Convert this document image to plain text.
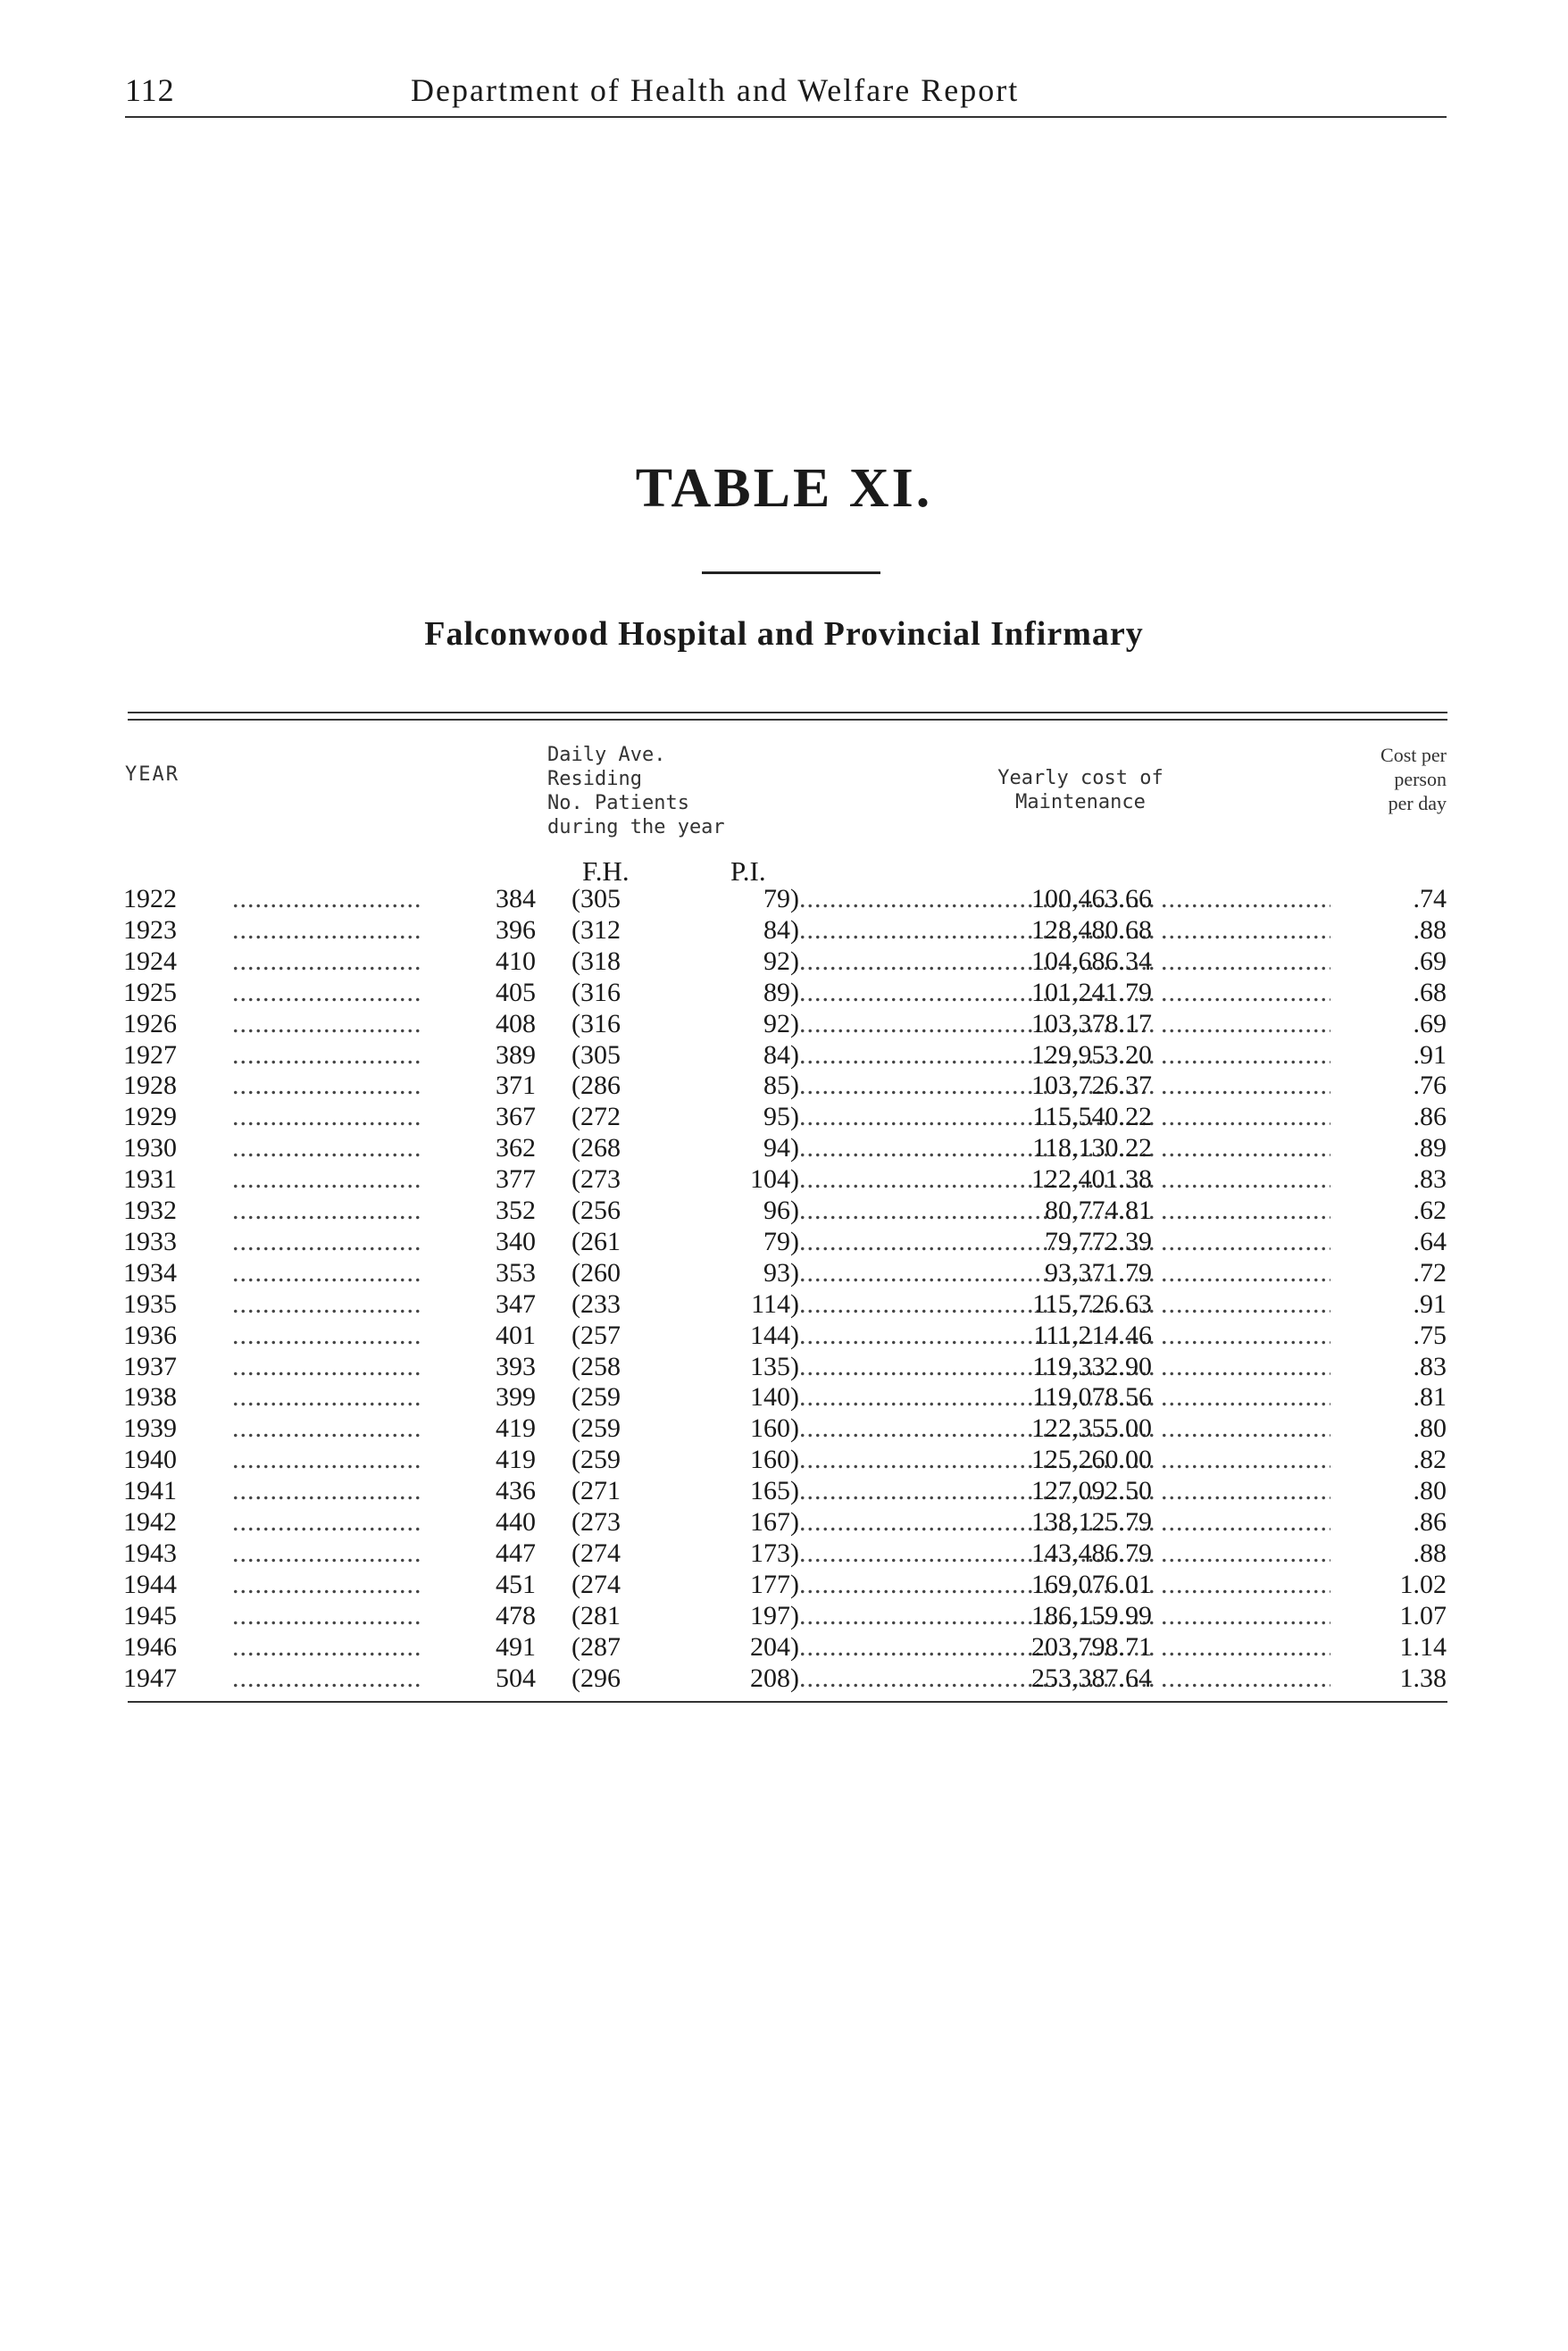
112	Department of Health and Welfare Report
TABLE XI.
Falconwood Hospital and Provincial Infirmary
YEAR
Daily Ave.
Residing
No. Patients
during the year
Yearly cost of
Maintenance
Cost per
person
per day
F.H.	P.I.
1922 .....	384 (305	79) .....	100,463.66 .....	.74
1923 .....	396 (312	84) .....	128,480.68 .....	.88
1924 .....	410 (318	92) .....	104,686.34 .....	.69
1925 .....	405 (316	89) .....	101,241.79 .....	.68
1926 .....	408 (316	92) .....	103,378.17 .....	.69
1927 .....	389 (305	84) .....	129,953.20 .....	.91
1928 .....	371 (286	85) .....	103,726.37 .....	.76
1929 .....	367 (272	95) .....	115,540.22 .....	.86
1930 .....	362 (268	94) .....	118,130.22 .....	.89
1931 .....	377 (273	104) .....	122,401.38 .....	.83
1932 .....	352 (256	96) .....	80,774.81 .....	.62
1933 .....	340 (261	79) .....	79,772.39 .....	.64
1934 .....	353 (260	93) .....	93,371.79 .....	.72
1935 .....	347 (233	114) .....	115,726.63 .....	.91
1936 .....	401 (257	144) .....	111,214.46 .....	.75
1937 .....	393 (258	135) .....	119,332.90 .....	.83
1938 .....	399 (259	140) .....	119,078.56 .....	.81
1939 .....	419 (259	160) .....	122,355.00 .....	.80
1940 .....	419 (259	160) .....	125,260.00 .....	.82
1941 .....	436 (271	165) .....	127,092.50 .....	.80
1942 .....	440 (273	167) .....	138,125.79 .....	.86
1943 .....	447 (274	173) .....	143,486.79 .....	.88
1944 .....	451 (274	177) .....	169,076.01 .....	1.02
1945 .....	478 (281	197) .....	186,159.99 .....	1.07
1946 .....	491 (287	204) .....	203,798.71 .....	1.14
1947 .....	504 (296	208) .....	253,387.64 .....	1.38
